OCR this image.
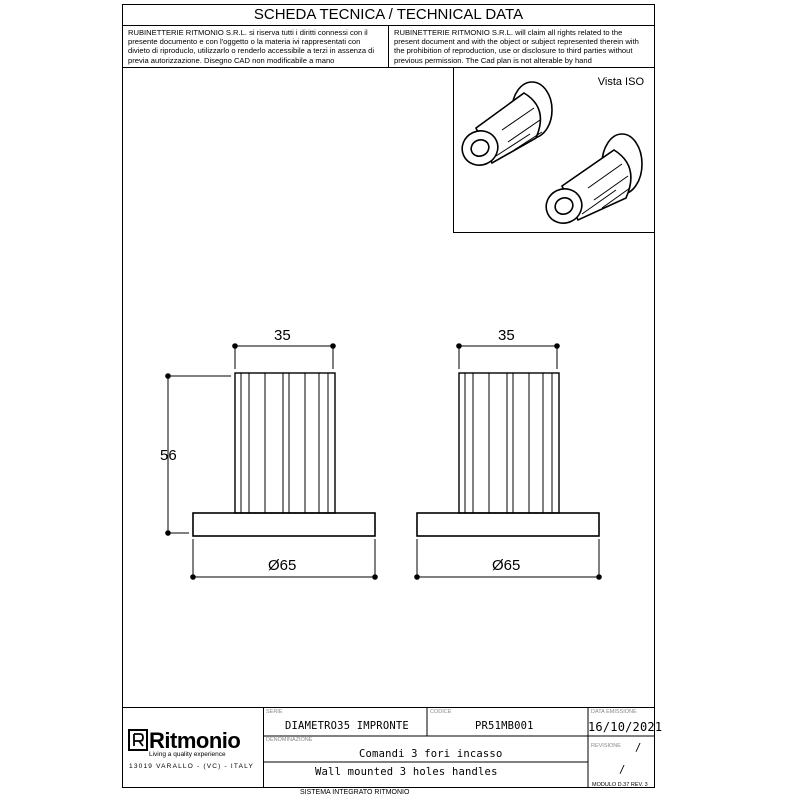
SCHEDA TECNICA / TECHNICAL DATA
RUBINETTERIE RITMONIO S.R.L. si riserva tutti i diritti connessi con il presente documento e con l'oggetto o la materia ivi rappresentati con divieto di riproduclo, utilizzarlo o renderlo accessibile a terzi in assenza di previa autorizzazione. Disegno CAD non modificabile a mano
RUBINETTERIE RITMONIO S.R.L. will claim all rights related to the present document and with the object or subject represented therein with the prohibition of reproduction, use or disclosure to third parties without previous permission. The Cad plan is not alterable by hand
Vista ISO
35
56
Ø65
35
Ø65
Ritmonio
Living a quality experience
13019 VARALLO - (VC) - ITALY
SERIE
DIAMETRO35 IMPRONTE
CODICE
PR51MB001
DATA EMISSIONE
16/10/2021
DENOMINAZIONE
Comandi 3 fori incasso
Wall mounted 3 holes handles
REVISIONE /
/
MODULO D.37 REV. 3
SISTEMA INTEGRATO RITMONIO
